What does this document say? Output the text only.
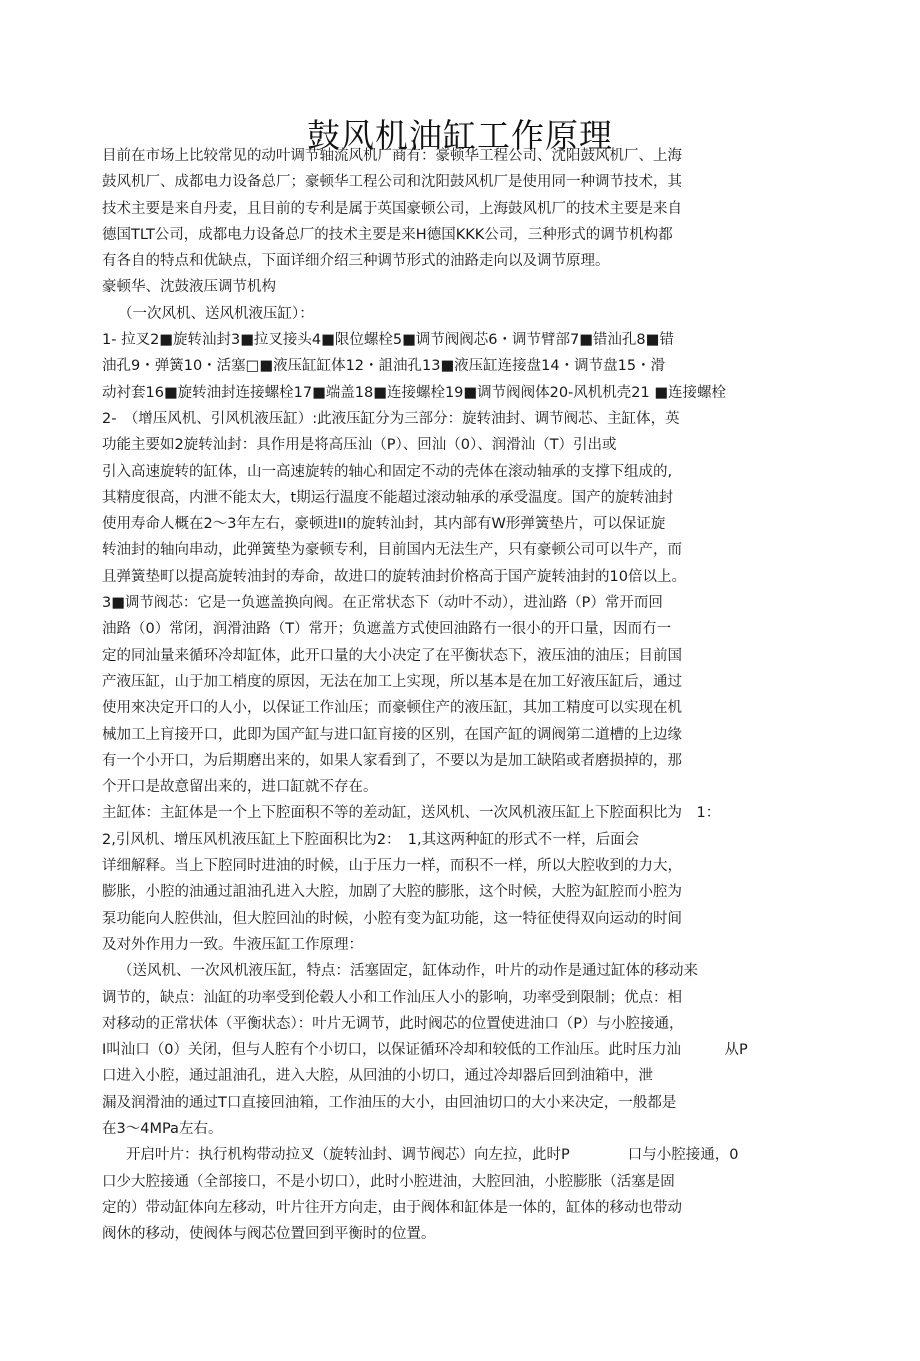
鼓风机油缸工作原理
目前在市场上比较常见的动叶调节轴流风机厂商有：豪顿华工程公司、沈阳鼓风机厂、上海
鼓风机厂、成都电力设备总厂；豪顿华工程公司和沈阳鼓风机厂是使用同一种调节技术，其
技术主要是来自丹麦，且目前的专利是属于英国豪顿公司，上海鼓风机厂的技术主要是来自
德国TLT公司，成都电力设备总厂的技术主要是来H德国KKK公司，三种形式的调节机构都
有各自的特点和优缺点，下面详细介绍三种调节形式的油路走向以及调节原理。
豪顿华、沈鼓液压调节机构
（一次风机、送风机液压缸）：
1- 拉叉2■旋转汕封3■拉叉接头4■限位螺栓5■调节阀阀芯6・调节臂部7■错汕孔8■错
油孔9・弹簧10・活塞□■液压缸缸体12・詛油孔13■液压缸连接盘14・调节盘15・滑
动衬套16■旋转油封连接螺栓17■端盖18■连接螺栓19■调节阀阀体20-风机机壳21 ■连接螺栓
2-　（增压风机、引风机液压缸）:此液压缸分为三部分：旋转油封、调节阀芯、主缸体，英
功能主要如2旋转汕封：具作用是将高压汕（P）、回汕（0）、润滑汕（T）引出或
引入高速旋转的缸体，山一高速旋转的轴心和固定不动的壳体在滚动轴承的支撑下组成的,
其精度很高，内泄不能太大，t期运行温度不能超过滚动轴承的承受温度。国产的旋转油封
使用寿命人概在2～3年左右，豪顿进II的旋转汕封，其内部有W形弹簧垫片，可以保证旋
转油封的轴向串动，此弹簧垫为豪顿专利，目前国内无法生产，只有豪顿公司可以牛产，而
且弹簧垫町以提高旋转油封的寿命，故进口的旋转油封价格高于国产旋转油封的10倍以上。
3■调节阀芯：它是一负遮盖换向阀。在正常状态下（动叶不动），进汕路（P）常开而回
油路（0）常闭，润滑油路（T）常开；负遮盖方式使回油路冇一很小的开口量，因而冇一
定的同汕量来循环冷却缸体，此开口量的大小决定了在平衡状态下，液压油的油压；目前国
产液压缸，山于加工梢度的原因，无法在加工上实现，所以基本是在加工好液压缸后，通过
使用來决定开口的人小，以保证工作汕压；而豪顿住产的液压缸，其加工精度可以实现在机
械加工上肓接开口，此即为国产缸与进口缸肓接的区别，在国产缸的调阀第二道槽的上边缘
有一个小开口，为后期磨出来的，如果人家看到了，不要以为是加工缺陷或者磨损掉的，那
个开口是故意留出来的，进口缸就不存在。
主缸体：主缸体是一个上下腔面积不等的差动缸，送风机、一次风机液压缸上下腔面积比为　1：
2,引风机、增压风机液压缸上下腔面积比为2：　1,其这两种缸的形式不一样，后面会
详细解释。当上下腔同时进油的时候，山于压力一样，而积不一样，所以大腔收到的力大，
膨胀，小腔的油通过詛油孔进入大腔，加剧了大腔的膨胀，这个时候，大腔为缸腔而小腔为
泵功能向人腔供汕，但大腔回汕的时候，小腔有变为缸功能，这一特征使得双向运动的时间
及对外作用力一致。牛液压缸工作原理：
（送风机、一次风机液压缸，特点：活塞固定，缸体动作，叶片的动作是通过缸体的移动来
调节的，缺点：汕缸的功率受到伦毂人小和工作汕压人小的影响，功率受到限制；优点：相
对移动的正常状体（平衡状态）：叶片无调节，此时阀芯的位置使进油口（P）与小腔接通，
I叫汕口（0）关闭，但与人腔有个小切口，以保证循环冷却和较低的工作汕压。此时压力汕　　　从P
口进入小腔，通过詛油孔，进入大腔，从回油的小切口，通过冷却器后回到油箱中，泄
漏及润滑油的通过T口直接回油箱，工作油压的大小，由回油切口的大小来决定，一般都是
在3～4MPa左右。
开启叶片：执行机构带动拉叉（旋转汕封、调节阀芯）向左拉，此时P　　　　口与小腔接通，0
口少大腔接通（全部接口，不是小切口），此时小腔进油，大腔回油，小腔膨胀（活塞是固
定的）带动缸体向左移动，叶片往开方向走，由于阀体和缸体是一体的，缸体的移动也带动
阀休的移动，使阀体与阀芯位置回到平衡时的位置。
